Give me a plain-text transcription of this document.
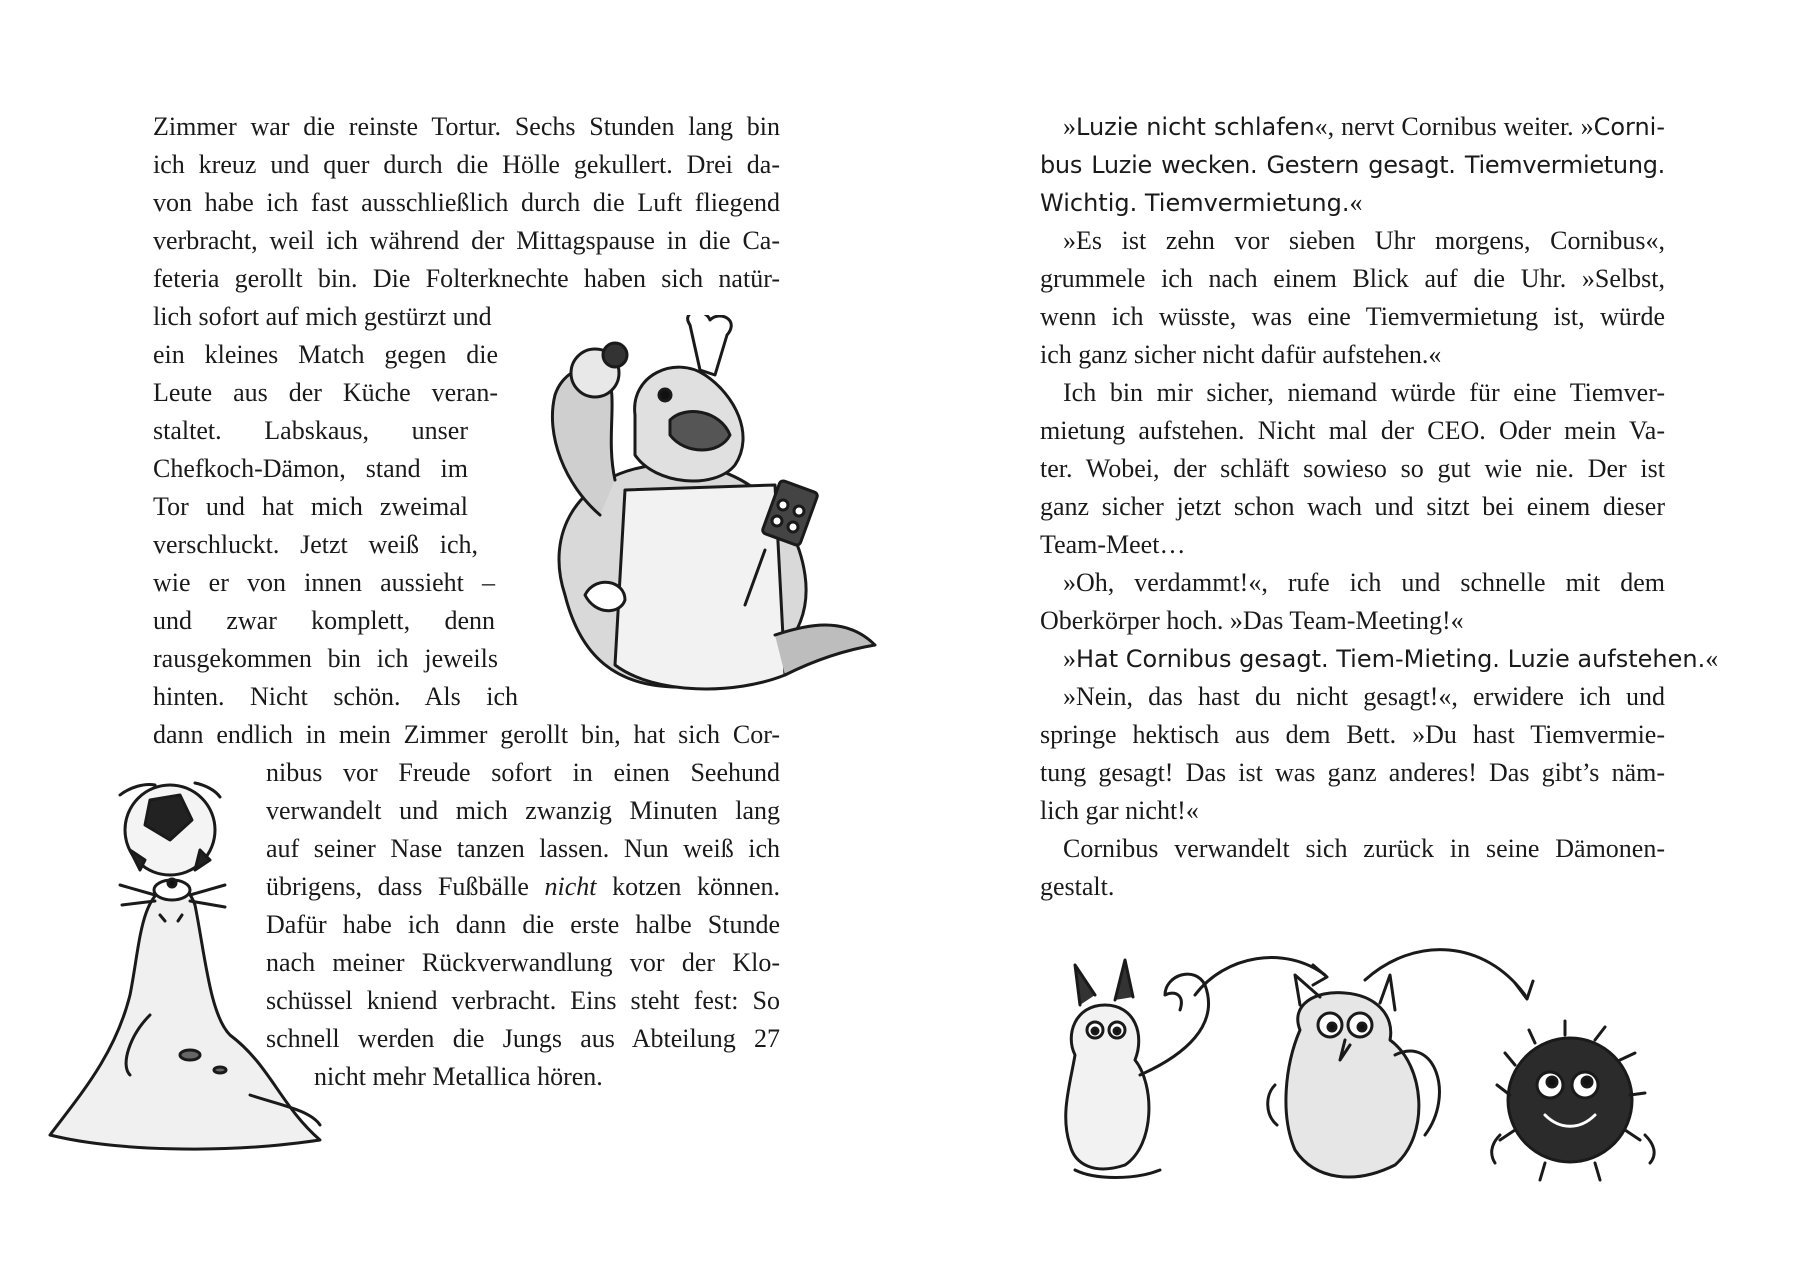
Zimmer war die reinste Tortur. Sechs Stunden lang bin
ich kreuz und quer durch die Hölle gekullert. Drei da-
von habe ich fast ausschließlich durch die Luft fliegend
verbracht, weil ich während der Mittagspause in die Ca-
feteria gerollt bin. Die Folterknechte haben sich natür-
lich sofort auf mich gestürzt und
ein kleines Match gegen die
Leute aus der Küche veran-
staltet. Labskaus, unser
Chefkoch-Dämon, stand im
Tor und hat mich zweimal
verschluckt. Jetzt weiß ich,
wie er von innen aussieht –
und zwar komplett, denn
rausgekommen bin ich jeweils
hinten. Nicht schön. Als ich
dann endlich in mein Zimmer gerollt bin, hat sich Cor-
nibus vor Freude sofort in einen Seehund
verwandelt und mich zwanzig Minuten lang
auf seiner Nase tanzen lassen. Nun weiß ich
übrigens, dass Fußbälle nicht kotzen können.
Dafür habe ich dann die erste halbe Stunde
nach meiner Rückverwandlung vor der Klo-
schüssel kniend verbracht. Eins steht fest: So
schnell werden die Jungs aus Abteilung 27
nicht mehr Metallica hören.
»Luzie nicht schlafen«, nervt Cornibus weiter. »Corni-
bus Luzie wecken. Gestern gesagt. Tiemvermietung.
Wichtig. Tiemvermietung.«
»Es ist zehn vor sieben Uhr morgens, Cornibus«,
grummele ich nach einem Blick auf die Uhr. »Selbst,
wenn ich wüsste, was eine Tiemvermietung ist, würde
ich ganz sicher nicht dafür aufstehen.«
Ich bin mir sicher, niemand würde für eine Tiemver-
mietung aufstehen. Nicht mal der CEO. Oder mein Va-
ter. Wobei, der schläft sowieso so gut wie nie. Der ist
ganz sicher jetzt schon wach und sitzt bei einem dieser
Team-Meet…
»Oh, verdammt!«, rufe ich und schnelle mit dem
Oberkörper hoch. »Das Team-Meeting!«
»Hat Cornibus gesagt. Tiem-Mieting. Luzie aufstehen.«
»Nein, das hast du nicht gesagt!«, erwidere ich und
springe hektisch aus dem Bett. »Du hast Tiemvermie-
tung gesagt! Das ist was ganz anderes! Das gibt’s näm-
lich gar nicht!«
Cornibus verwandelt sich zurück in seine Dämonen-
gestalt.
